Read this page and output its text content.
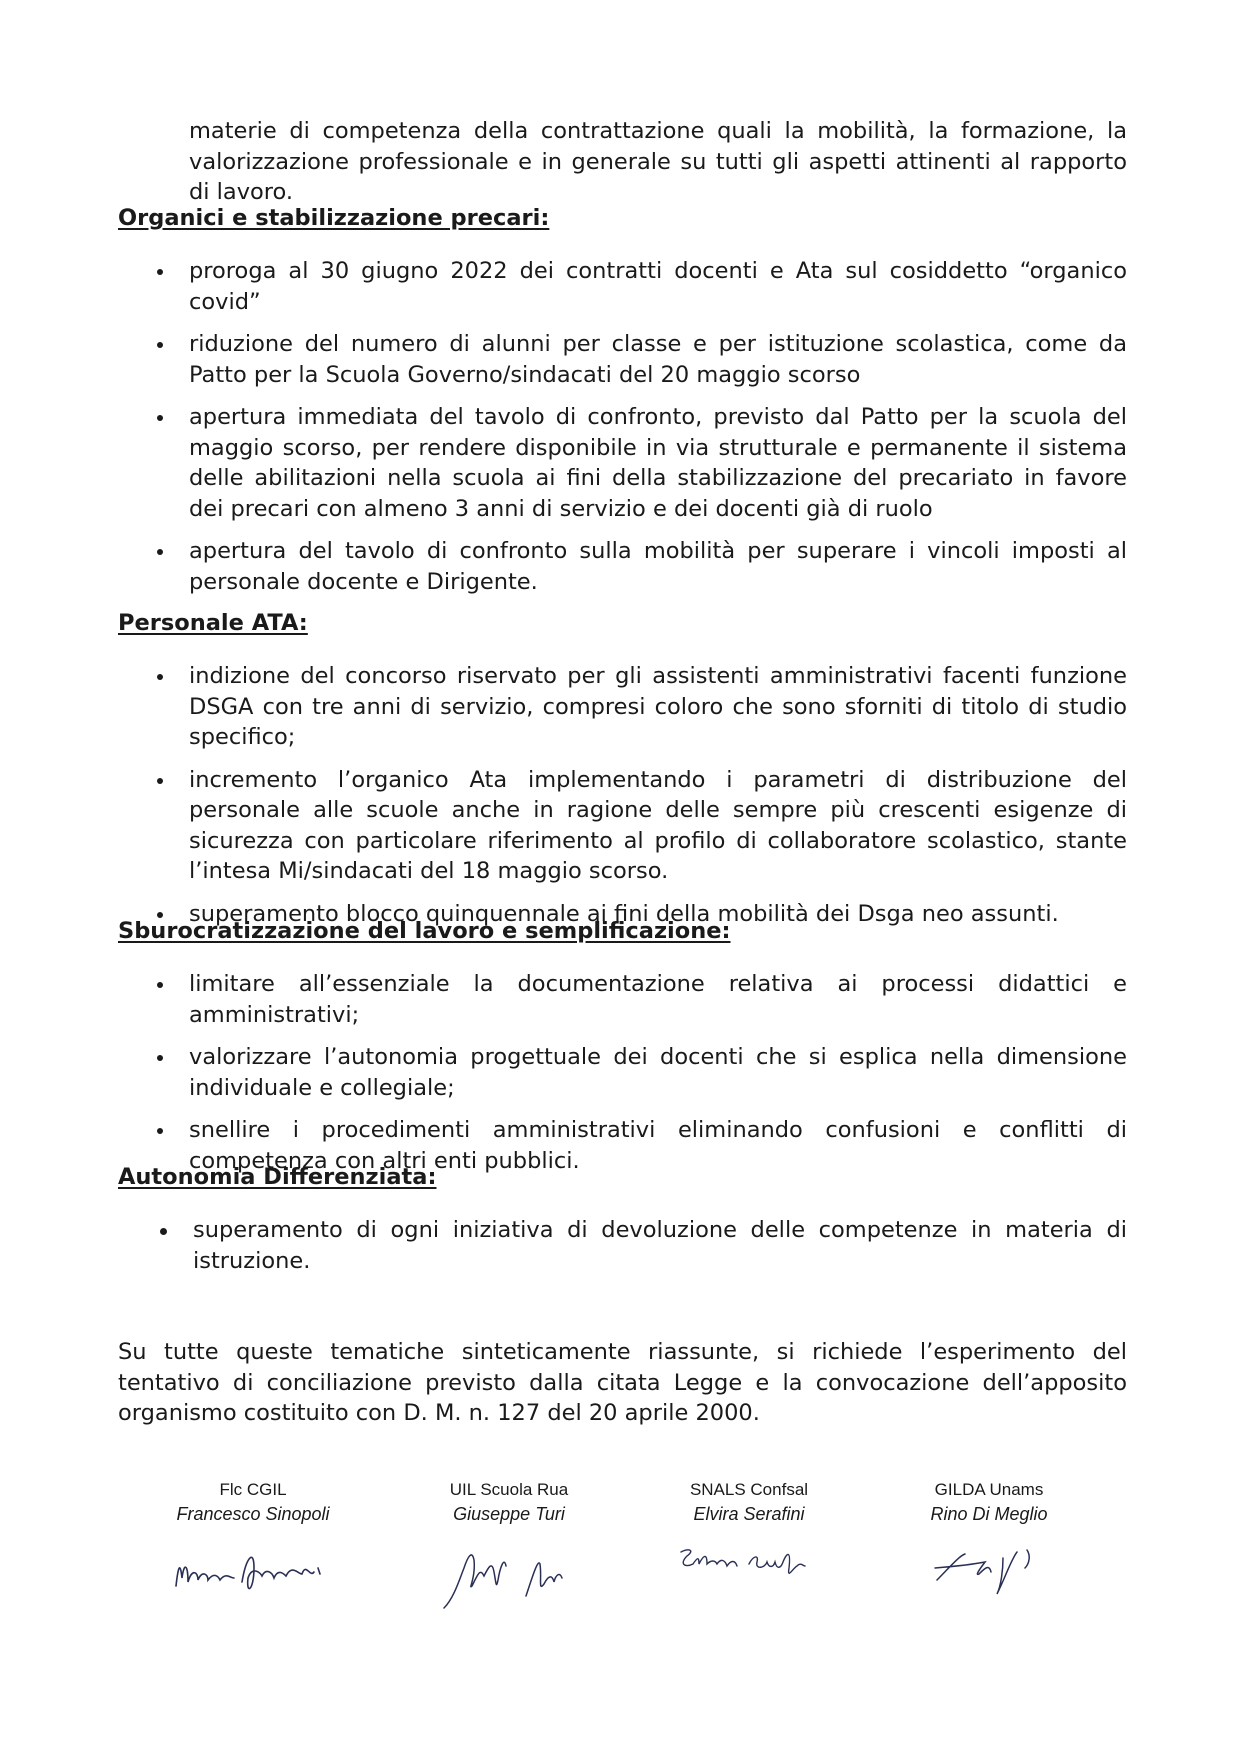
materie di competenza della contrattazione quali la mobilità, la formazione, la valorizzazione professionale e in generale su tutti gli aspetti attinenti al rapporto di lavoro.

Organici e stabilizzazione precari:
proroga al 30 giugno 2022 dei contratti docenti e Ata sul cosiddetto “organico covid”
riduzione del numero di alunni per classe e per istituzione scolastica, come da Patto per la Scuola Governo/sindacati del 20 maggio scorso
apertura immediata del tavolo di confronto, previsto dal Patto per la scuola del maggio scorso, per rendere disponibile in via strutturale e permanente il sistema delle abilitazioni nella scuola ai fini della stabilizzazione del precariato in favore dei precari con almeno 3 anni di servizio e dei docenti già di ruolo
apertura del tavolo di confronto sulla mobilità per superare i vincoli imposti al personale docente e Dirigente.
Personale ATA:
indizione del concorso riservato per gli assistenti amministrativi facenti funzione DSGA con tre anni di servizio, compresi coloro che sono sforniti di titolo di studio specifico;
incremento l’organico Ata implementando i parametri di distribuzione del personale alle scuole anche in ragione delle sempre più crescenti esigenze di sicurezza con particolare riferimento al profilo di collaboratore scolastico, stante l’intesa Mi/sindacati del 18 maggio scorso.
superamento blocco quinquennale ai fini della mobilità dei Dsga neo assunti.
Sburocratizzazione del lavoro e semplificazione:
limitare all’essenziale la documentazione relativa ai processi didattici e amministrativi;
valorizzare l’autonomia progettuale dei docenti che si esplica nella dimensione individuale e collegiale;
snellire i procedimenti amministrativi eliminando confusioni e conflitti di competenza con altri enti pubblici.
Autonomia Differenziata:
superamento di ogni iniziativa di devoluzione delle competenze in materia di istruzione.

Su tutte queste tematiche sinteticamente riassunte, si richiede l’esperimento del tentativo di conciliazione previsto dalla citata Legge e la convocazione dell’apposito organismo costituito con D. M. n. 127 del 20 aprile 2000.

Flc CGIL
Francesco Sinopoli
UIL Scuola Rua
Giuseppe Turi
SNALS Confsal
Elvira Serafini
GILDA Unams
Rino Di Meglio
